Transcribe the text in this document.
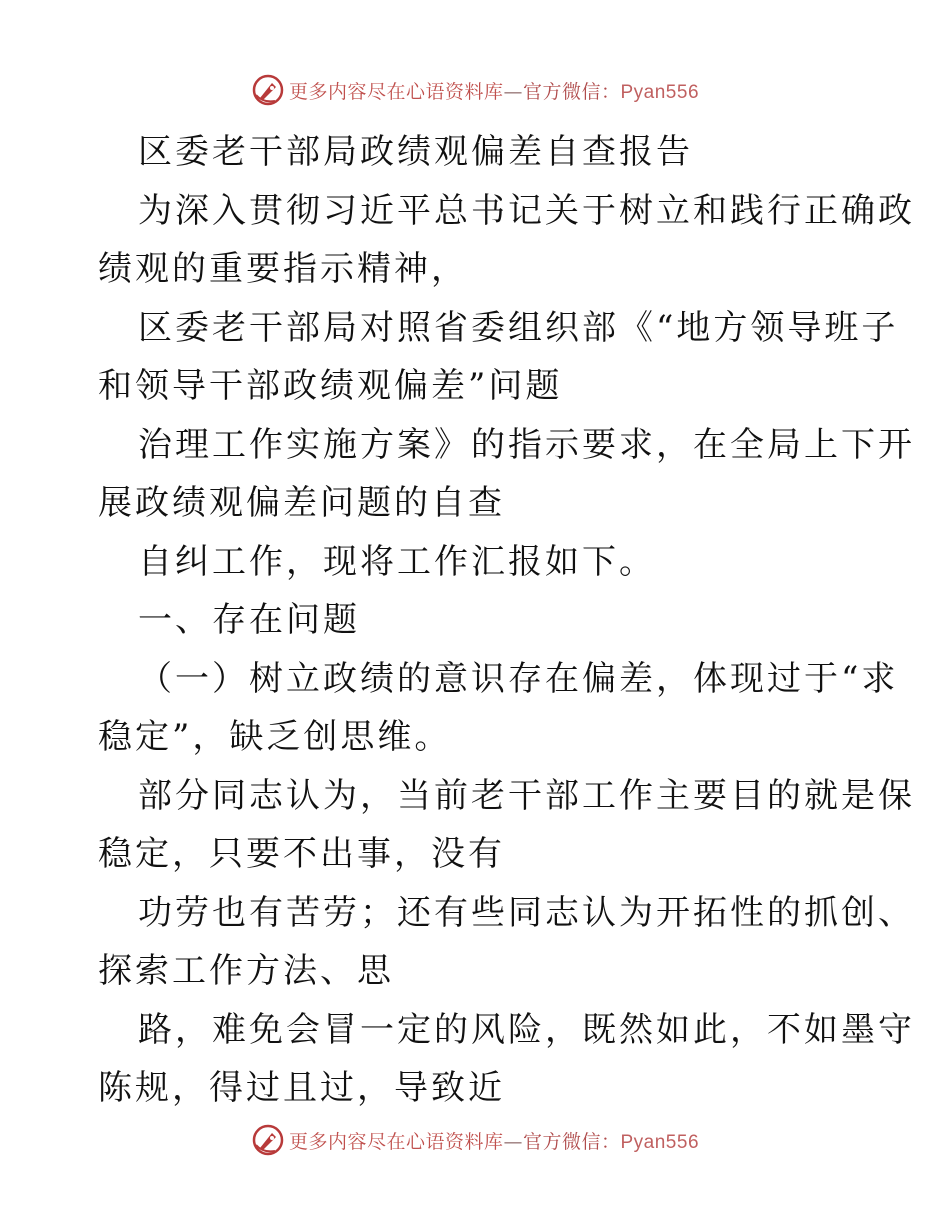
更多内容尽在心语资料库—官方微信：Pyan556
区委老干部局政绩观偏差自查报告
为深入贯彻习近平总书记关于树立和践行正确政
绩观的重要指示精神，
区委老干部局对照省委组织部《“地方领导班子
和领导干部政绩观偏差”问题
治理工作实施方案》的指示要求，在全局上下开
展政绩观偏差问题的自查
自纠工作，现将工作汇报如下。
一、存在问题
（一）树立政绩的意识存在偏差，体现过于“求
稳定”，缺乏创思维。
部分同志认为，当前老干部工作主要目的就是保
稳定，只要不出事，没有
功劳也有苦劳；还有些同志认为开拓性的抓创、
探索工作方法、思
路，难免会冒一定的风险，既然如此，不如墨守
陈规，得过且过，导致近
更多内容尽在心语资料库—官方微信：Pyan556
